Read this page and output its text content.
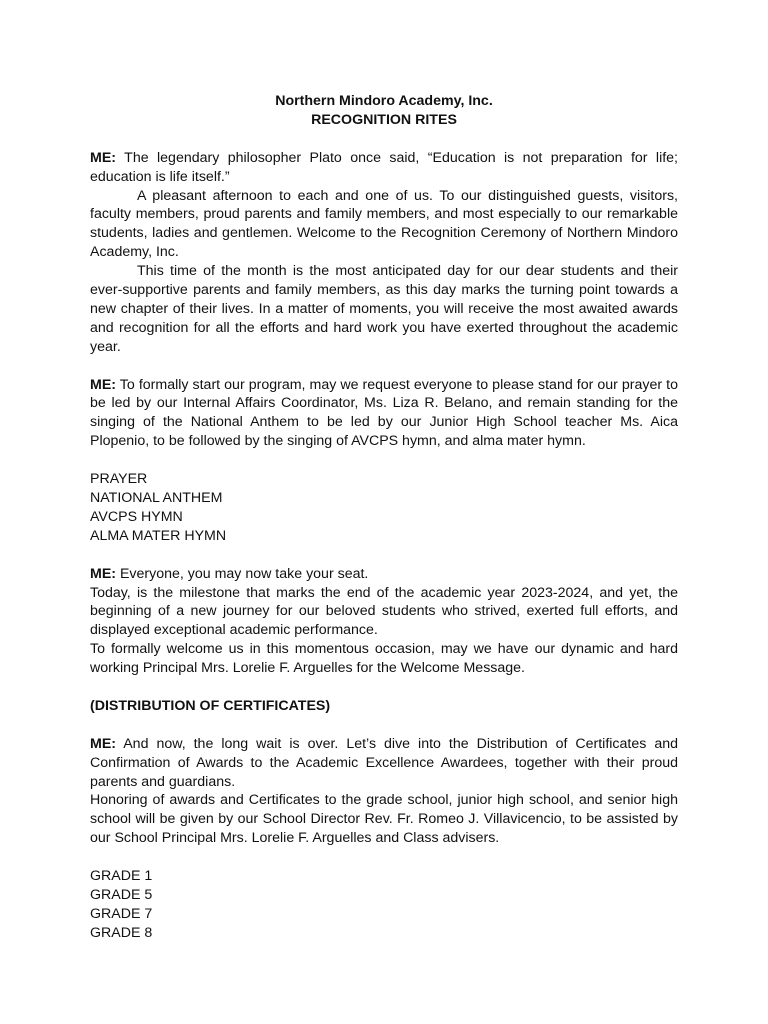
Northern Mindoro Academy, Inc.

RECOGNITION RITES

ME: The legendary philosopher Plato once said, “Education is not preparation for life; education is life itself.”

A pleasant afternoon to each and one of us. To our distinguished guests, visitors, faculty members, proud parents and family members, and most especially to our remarkable students, ladies and gentlemen. Welcome to the Recognition Ceremony of Northern Mindoro Academy, Inc.

This time of the month is the most anticipated day for our dear students and their ever-supportive parents and family members, as this day marks the turning point towards a new chapter of their lives. In a matter of moments, you will receive the most awaited awards and recognition for all the efforts and hard work you have exerted throughout the academic year.

ME: To formally start our program, may we request everyone to please stand for our prayer to be led by our Internal Affairs Coordinator, Ms. Liza R. Belano, and remain standing for the singing of the National Anthem to be led by our Junior High School teacher Ms. Aica Plopenio, to be followed by the singing of AVCPS hymn, and alma mater hymn.

PRAYER

NATIONAL ANTHEM

AVCPS HYMN

ALMA MATER HYMN

ME: Everyone, you may now take your seat.

Today, is the milestone that marks the end of the academic year 2023-2024, and yet, the beginning of a new journey for our beloved students who strived, exerted full efforts, and displayed exceptional academic performance.

To formally welcome us in this momentous occasion, may we have our dynamic and hard working Principal Mrs. Lorelie F. Arguelles for the Welcome Message.

(DISTRIBUTION OF CERTIFICATES)

ME: And now, the long wait is over. Let’s dive into the Distribution of Certificates and Confirmation of Awards to the Academic Excellence Awardees, together with their proud parents and guardians.

Honoring of awards and Certificates to the grade school, junior high school, and senior high school will be given by our School Director Rev. Fr. Romeo J. Villavicencio, to be assisted by our School Principal Mrs. Lorelie F. Arguelles and Class advisers.

GRADE 1

GRADE 5

GRADE 7

GRADE 8
